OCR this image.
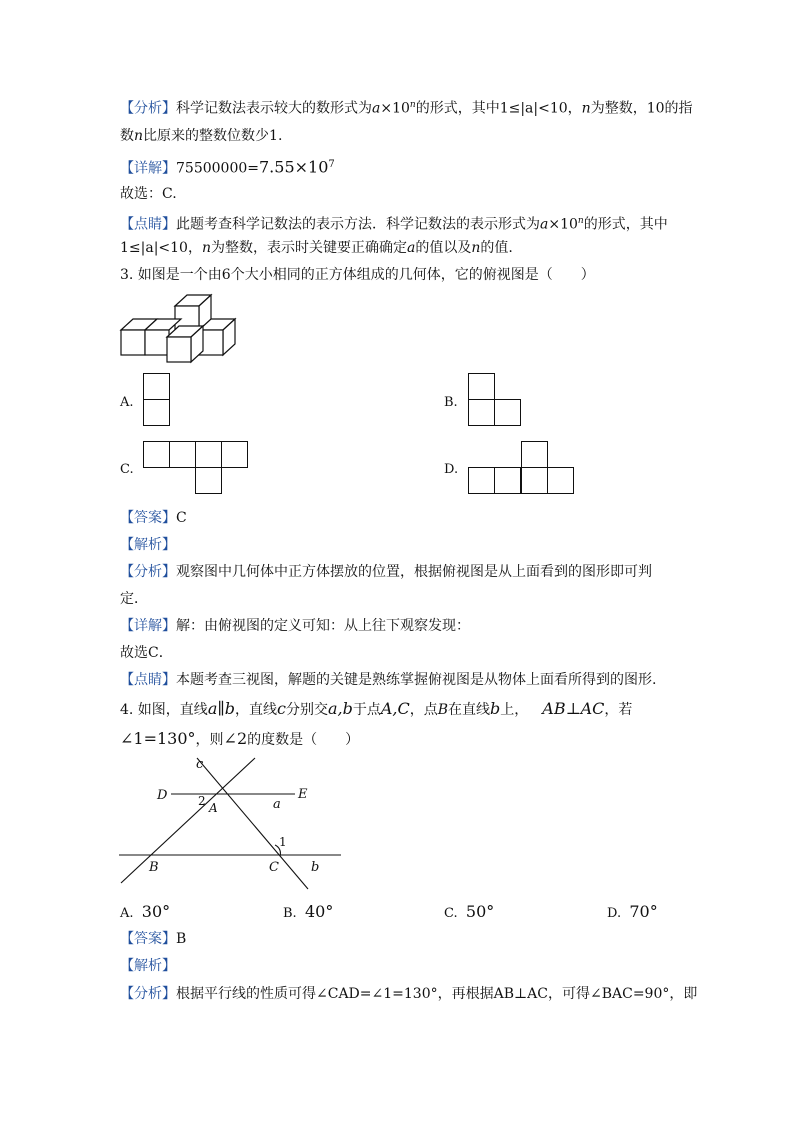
【分析】科学记数法表示较大的数形式为$a\times 10^n$的形式，其中1≤|a|<10，n为整数，10的指
数n比原来的整数位数少1.
【详解】$75500000=7.55\times 10^7$
故选：C.
【点睛】此题考查科学记数法的表示方法．科学记数法的表示形式为$a\times 10^n$的形式，其中
1≤|a|<10，n为整数，表示时关键要正确确定a的值以及n的值.
3. 如图是一个由6个大小相同的正方体组成的几何体，它的俯视图是（　　）
A.	B.
C.	D.
【答案】C
【解析】
【分析】观察图中几何体中正方体摆放的位置，根据俯视图是从上面看到的图形即可判
定．
【详解】解：由俯视图的定义可知：从上往下观察发现：
故选C．
【点睛】本题考查三视图，解题的关键是熟练掌握俯视图是从物体上面看所得到的图形.
4. 如图，直线a∥b，直线c分别交a,b于点A,C，点B在直线b上， AB⊥AC，若
∠1=130°，则∠2的度数是（　　）
c
D	2 A	a
E
1
B	C b
A. 30°	B. 40°	C. 50°	D. 70°
【答案】B
【解析】
【分析】根据平行线的性质可得∠CAD=∠1=130°，再根据AB⊥AC，可得∠BAC=90°，即
